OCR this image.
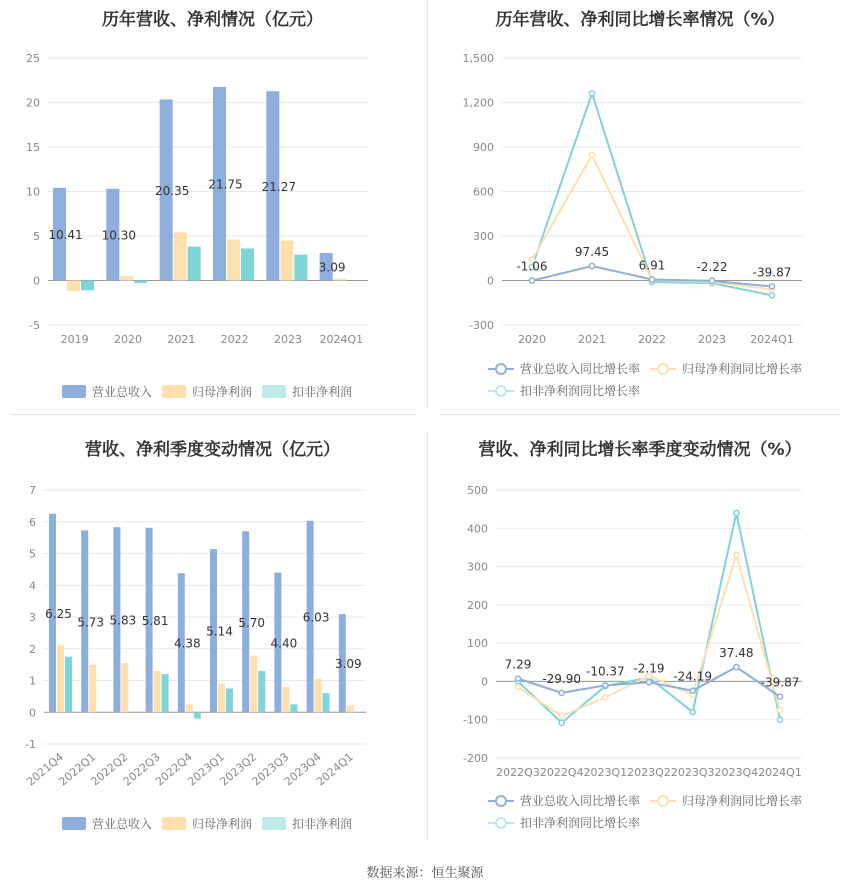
历年营收、净利情况（亿元）
-5
0
5
10
15
20
25
10.41
2019
10.30
2020
20.35
2021
21.75
2022
21.27
2023
3.09
2024Q1
营业总收入	归母净利润	扣非净利润
历年营收、净利同比增长率情况（%）
-300
0
300
600
900
1,200
1,500
2020	2021	2022	2023 2024Q1
-1.06
97.45
6.91	-2.22 -39.87
营业总收入同比增长率	归母净利润同比增长率
扣非净利润同比增长率
营收、净利季度变动情况（亿元）
-1
0
1
2
3
4
5
6
7
6.25
2021Q4
5.73
2022Q1
5.83
2022Q2
5.81
2022Q3
4.38
2022Q4
5.14
2023Q1
5.70
2023Q2
4.40
2023Q3
6.03
2023Q4
3.09
2024Q1
营业总收入	归母净利润	扣非净利润
营收、净利同比增长率季度变动情况（%）
-200
-100
0
100
200
300
400
500
2022Q3 2022Q4 2023Q1 2023Q2 2023Q3 2023Q4 2024Q1
7.29
-29.90
-10.37 -2.19
-24.19
37.48
-39.87
营业总收入同比增长率	归母净利润同比增长率
扣非净利润同比增长率
数据来源：恒生聚源
